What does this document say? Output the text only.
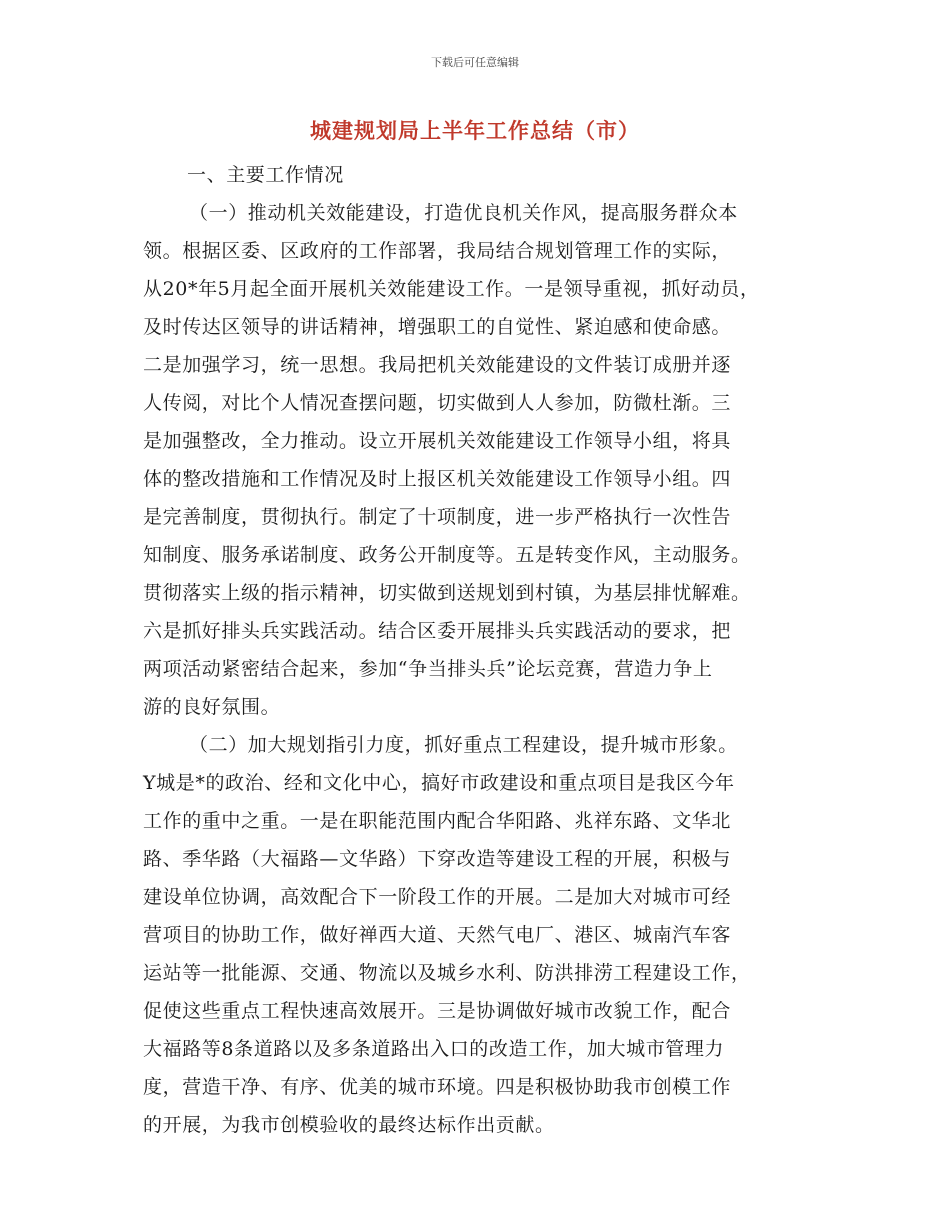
下载后可任意编辑
城建规划局上半年工作总结（市）
一、主要工作情况
（一）推动机关效能建设，打造优良机关作风，提高服务群众本
领。根据区委、区政府的工作部署，我局结合规划管理工作的实际，
从20*年5月起全面开展机关效能建设工作。一是领导重视，抓好动员，
及时传达区领导的讲话精神，增强职工的自觉性、紧迫感和使命感。
二是加强学习，统一思想。我局把机关效能建设的文件装订成册并逐
人传阅，对比个人情况查摆问题，切实做到人人参加，防微杜渐。三
是加强整改，全力推动。设立开展机关效能建设工作领导小组，将具
体的整改措施和工作情况及时上报区机关效能建设工作领导小组。四
是完善制度，贯彻执行。制定了十项制度，进一步严格执行一次性告
知制度、服务承诺制度、政务公开制度等。五是转变作风，主动服务。
贯彻落实上级的指示精神，切实做到送规划到村镇，为基层排忧解难。
六是抓好排头兵实践活动。结合区委开展排头兵实践活动的要求，把
两项活动紧密结合起来，参加“争当排头兵”论坛竞赛，营造力争上
游的良好氛围。
（二）加大规划指引力度，抓好重点工程建设，提升城市形象。
Y城是*的政治、经和文化中心，搞好市政建设和重点项目是我区今年
工作的重中之重。一是在职能范围内配合华阳路、兆祥东路、文华北
路、季华路（大福路—文华路）下穿改造等建设工程的开展，积极与
建设单位协调，高效配合下一阶段工作的开展。二是加大对城市可经
营项目的协助工作，做好禅西大道、天然气电厂、港区、城南汽车客
运站等一批能源、交通、物流以及城乡水利、防洪排涝工程建设工作，
促使这些重点工程快速高效展开。三是协调做好城市改貌工作，配合
大福路等8条道路以及多条道路出入口的改造工作，加大城市管理力
度，营造干净、有序、优美的城市环境。四是积极协助我市创模工作
的开展，为我市创模验收的最终达标作出贡献。
